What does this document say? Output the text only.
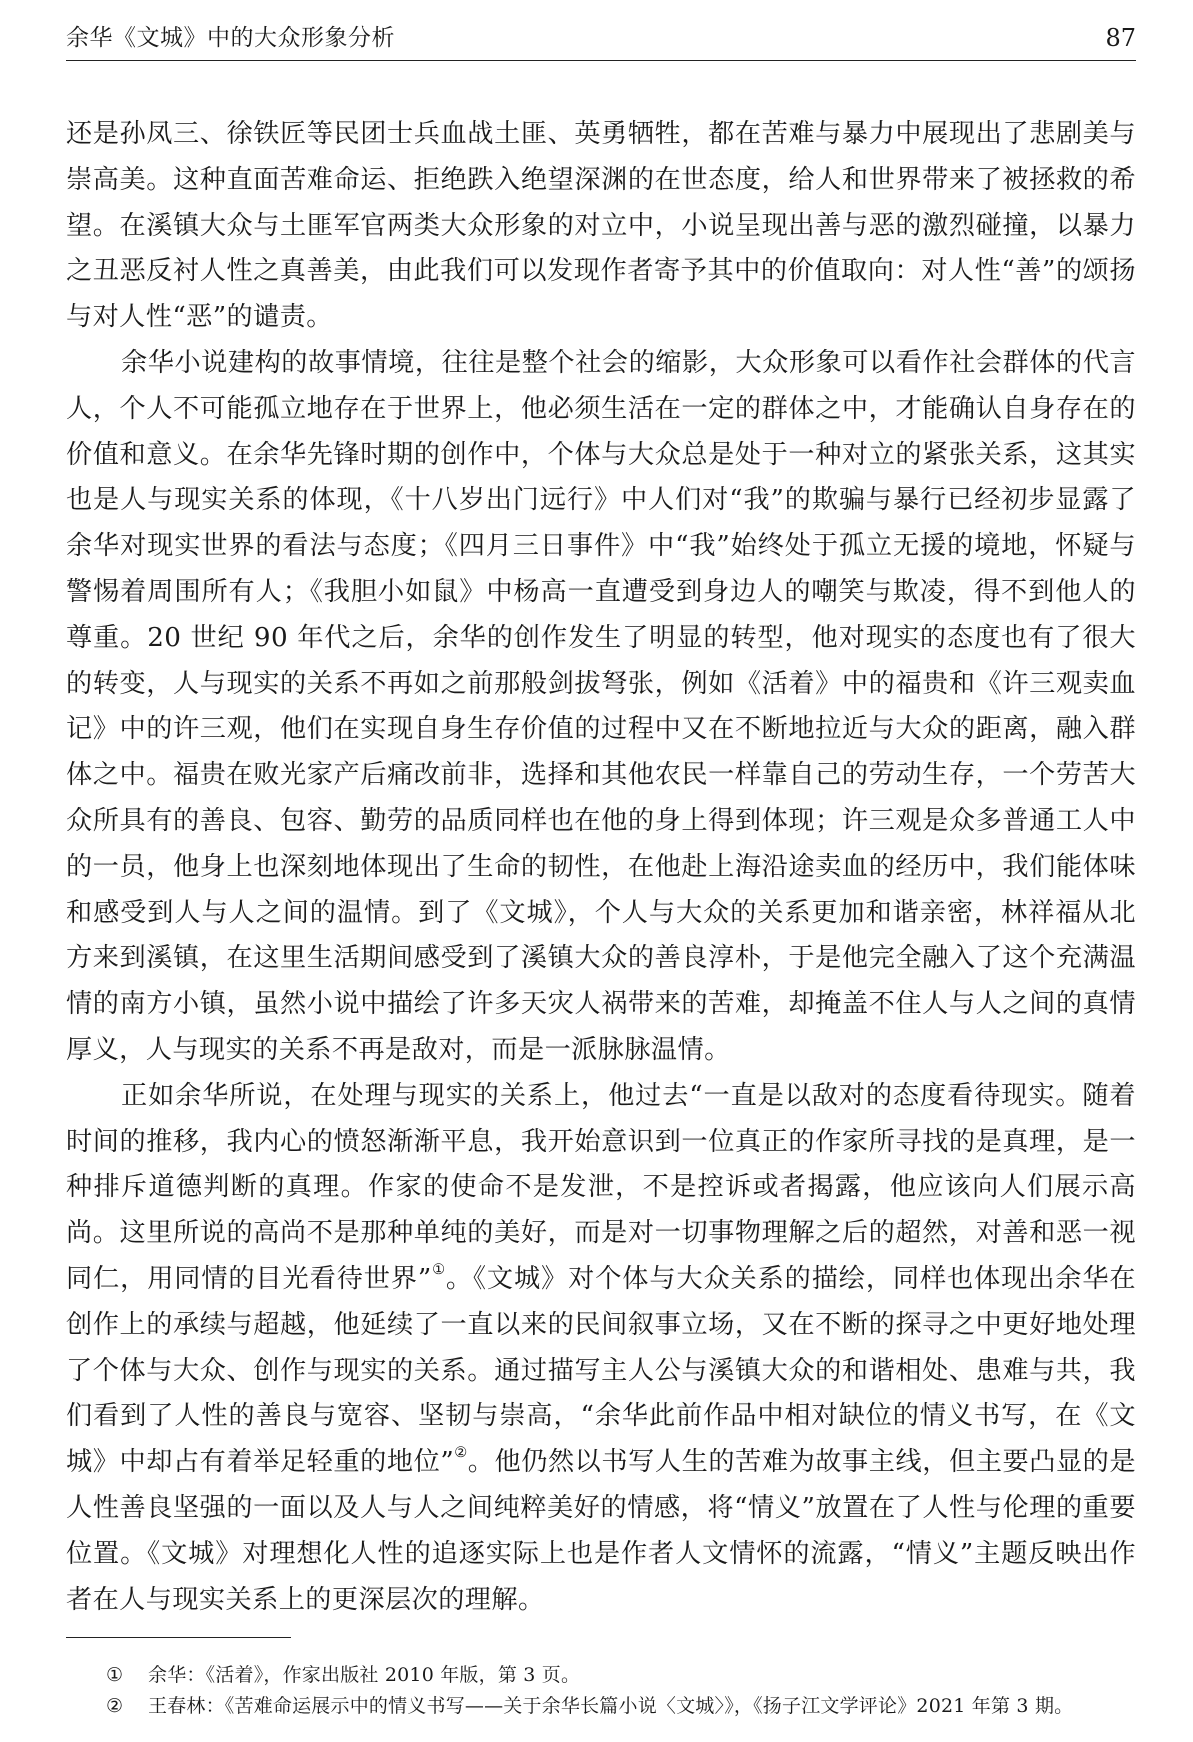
余华《文城》中的大众形象分析	87

还是孙凤三、徐铁匠等民团士兵血战土匪、英勇牺牲，都在苦难与暴力中展现出了悲剧美与崇高美。这种直面苦难命运、拒绝跌入绝望深渊的在世态度，给人和世界带来了被拯救的希望。在溪镇大众与土匪军官两类大众形象的对立中，小说呈现出善与恶的激烈碰撞，以暴力之丑恶反衬人性之真善美，由此我们可以发现作者寄予其中的价值取向：对人性“善”的颂扬与对人性“恶”的谴责。

余华小说建构的故事情境，往往是整个社会的缩影，大众形象可以看作社会群体的代言人，个人不可能孤立地存在于世界上，他必须生活在一定的群体之中，才能确认自身存在的价值和意义。在余华先锋时期的创作中，个体与大众总是处于一种对立的紧张关系，这其实也是人与现实关系的体现，《十八岁出门远行》中人们对“我”的欺骗与暴行已经初步显露了余华对现实世界的看法与态度；《四月三日事件》中“我”始终处于孤立无援的境地，怀疑与警惕着周围所有人；《我胆小如鼠》中杨高一直遭受到身边人的嘲笑与欺凌，得不到他人的尊重。20 世纪 90 年代之后，余华的创作发生了明显的转型，他对现实的态度也有了很大的转变，人与现实的关系不再如之前那般剑拔弩张，例如《活着》中的福贵和《许三观卖血记》中的许三观，他们在实现自身生存价值的过程中又在不断地拉近与大众的距离，融入群体之中。福贵在败光家产后痛改前非，选择和其他农民一样靠自己的劳动生存，一个劳苦大众所具有的善良、包容、勤劳的品质同样也在他的身上得到体现；许三观是众多普通工人中的一员，他身上也深刻地体现出了生命的韧性，在他赴上海沿途卖血的经历中，我们能体味和感受到人与人之间的温情。到了《文城》，个人与大众的关系更加和谐亲密，林祥福从北方来到溪镇，在这里生活期间感受到了溪镇大众的善良淳朴，于是他完全融入了这个充满温情的南方小镇，虽然小说中描绘了许多天灾人祸带来的苦难，却掩盖不住人与人之间的真情厚义，人与现实的关系不再是敌对，而是一派脉脉温情。

正如余华所说，在处理与现实的关系上，他过去“一直是以敌对的态度看待现实。随着时间的推移，我内心的愤怒渐渐平息，我开始意识到一位真正的作家所寻找的是真理，是一种排斥道德判断的真理。作家的使命不是发泄，不是控诉或者揭露，他应该向人们展示高尚。这里所说的高尚不是那种单纯的美好，而是对一切事物理解之后的超然，对善和恶一视同仁，用同情的目光看待世界”①。《文城》对个体与大众关系的描绘，同样也体现出余华在创作上的承续与超越，他延续了一直以来的民间叙事立场，又在不断的探寻之中更好地处理了个体与大众、创作与现实的关系。通过描写主人公与溪镇大众的和谐相处、患难与共，我们看到了人性的善良与宽容、坚韧与崇高，“余华此前作品中相对缺位的情义书写，在《文城》中却占有着举足轻重的地位”②。他仍然以书写人生的苦难为故事主线，但主要凸显的是人性善良坚强的一面以及人与人之间纯粹美好的情感，将“情义”放置在了人性与伦理的重要位置。《文城》对理想化人性的追逐实际上也是作者人文情怀的流露，“情义”主题反映出作者在人与现实关系上的更深层次的理解。

①	余华：《活着》，作家出版社 2010 年版，第 3 页。
②	王春林：《苦难命运展示中的情义书写——关于余华长篇小说〈文城〉》，《扬子江文学评论》2021 年第 3 期。
